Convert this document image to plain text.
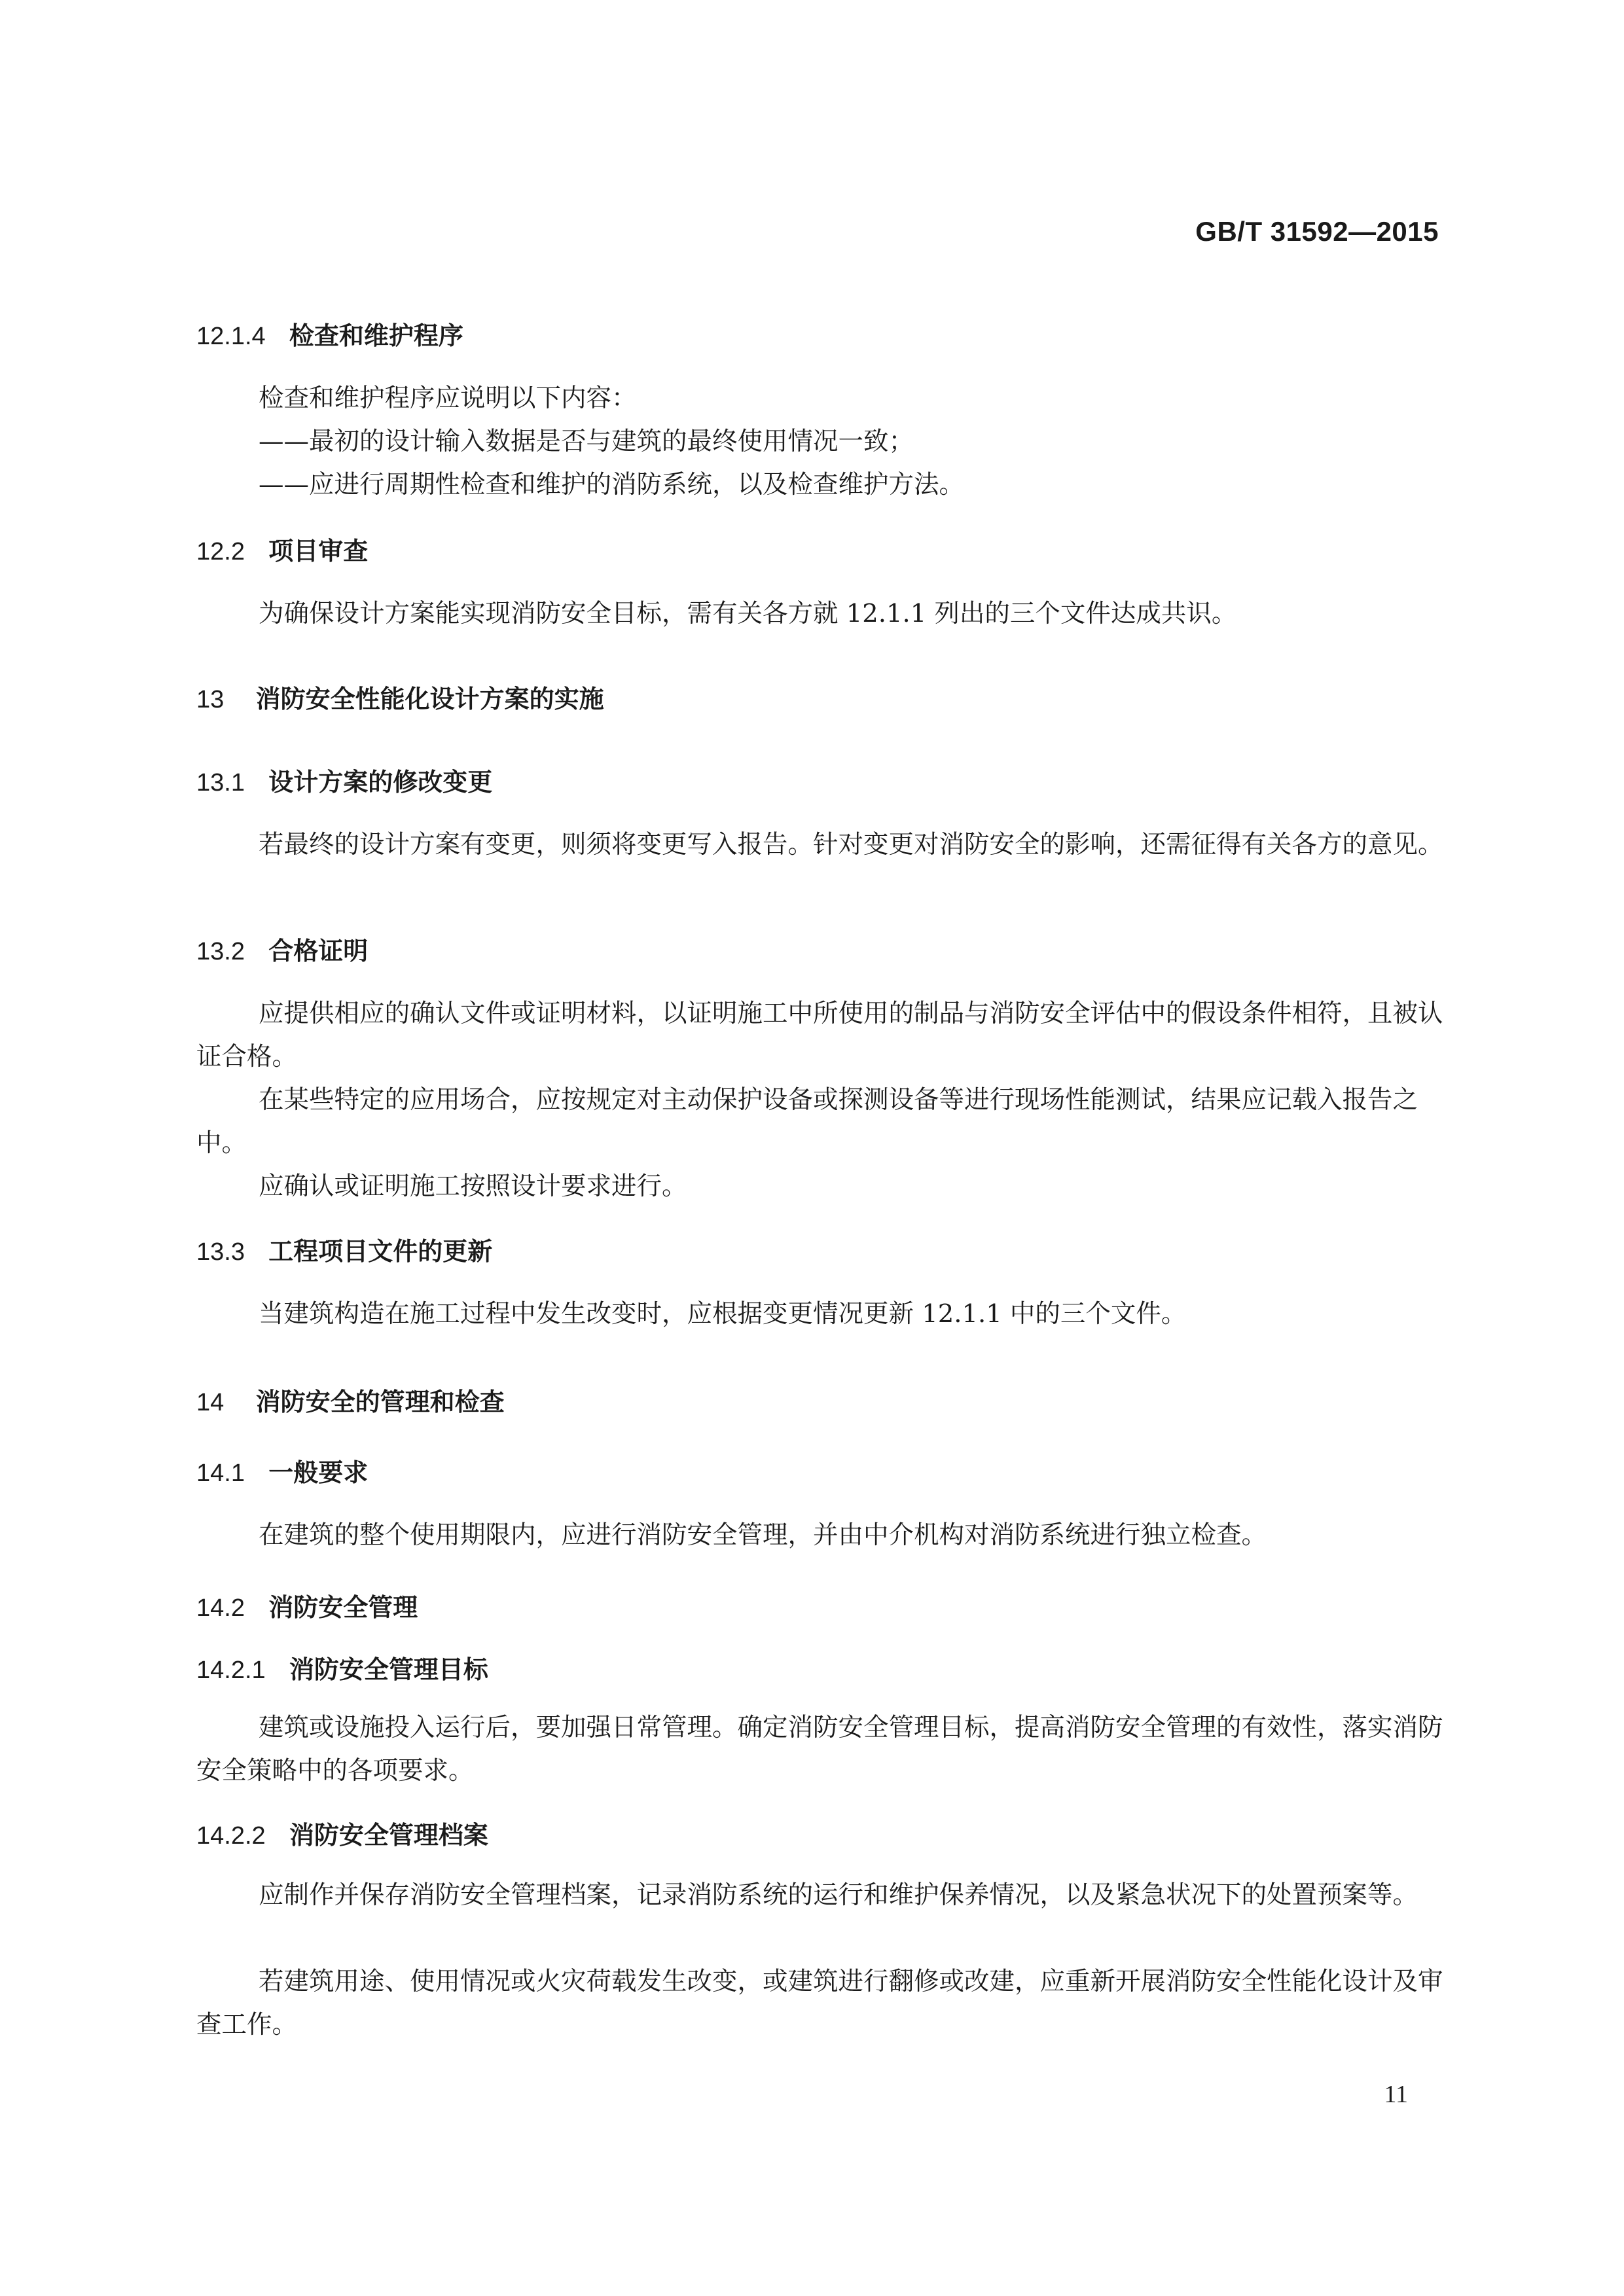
GB/T 31592—2015
12.1.4 检查和维护程序
检查和维护程序应说明以下内容：
——最初的设计输入数据是否与建筑的最终使用情况一致；
——应进行周期性检查和维护的消防系统，以及检查维护方法。
12.2 项目审查
为确保设计方案能实现消防安全目标，需有关各方就 12.1.1 列出的三个文件达成共识。
13 消防安全性能化设计方案的实施
13.1 设计方案的修改变更
若最终的设计方案有变更，则须将变更写入报告。针对变更对消防安全的影响，还需征得有关各方的意见。
13.2 合格证明
应提供相应的确认文件或证明材料，以证明施工中所使用的制品与消防安全评估中的假设条件相符，且被认证合格。
在某些特定的应用场合，应按规定对主动保护设备或探测设备等进行现场性能测试，结果应记载入报告之中。
应确认或证明施工按照设计要求进行。
13.3 工程项目文件的更新
当建筑构造在施工过程中发生改变时，应根据变更情况更新 12.1.1 中的三个文件。
14 消防安全的管理和检查
14.1 一般要求
在建筑的整个使用期限内，应进行消防安全管理，并由中介机构对消防系统进行独立检查。
14.2 消防安全管理
14.2.1 消防安全管理目标
建筑或设施投入运行后，要加强日常管理。确定消防安全管理目标，提高消防安全管理的有效性，落实消防安全策略中的各项要求。
14.2.2 消防安全管理档案
应制作并保存消防安全管理档案，记录消防系统的运行和维护保养情况，以及紧急状况下的处置预案等。
若建筑用途、使用情况或火灾荷载发生改变，或建筑进行翻修或改建，应重新开展消防安全性能化设计及审查工作。
11
